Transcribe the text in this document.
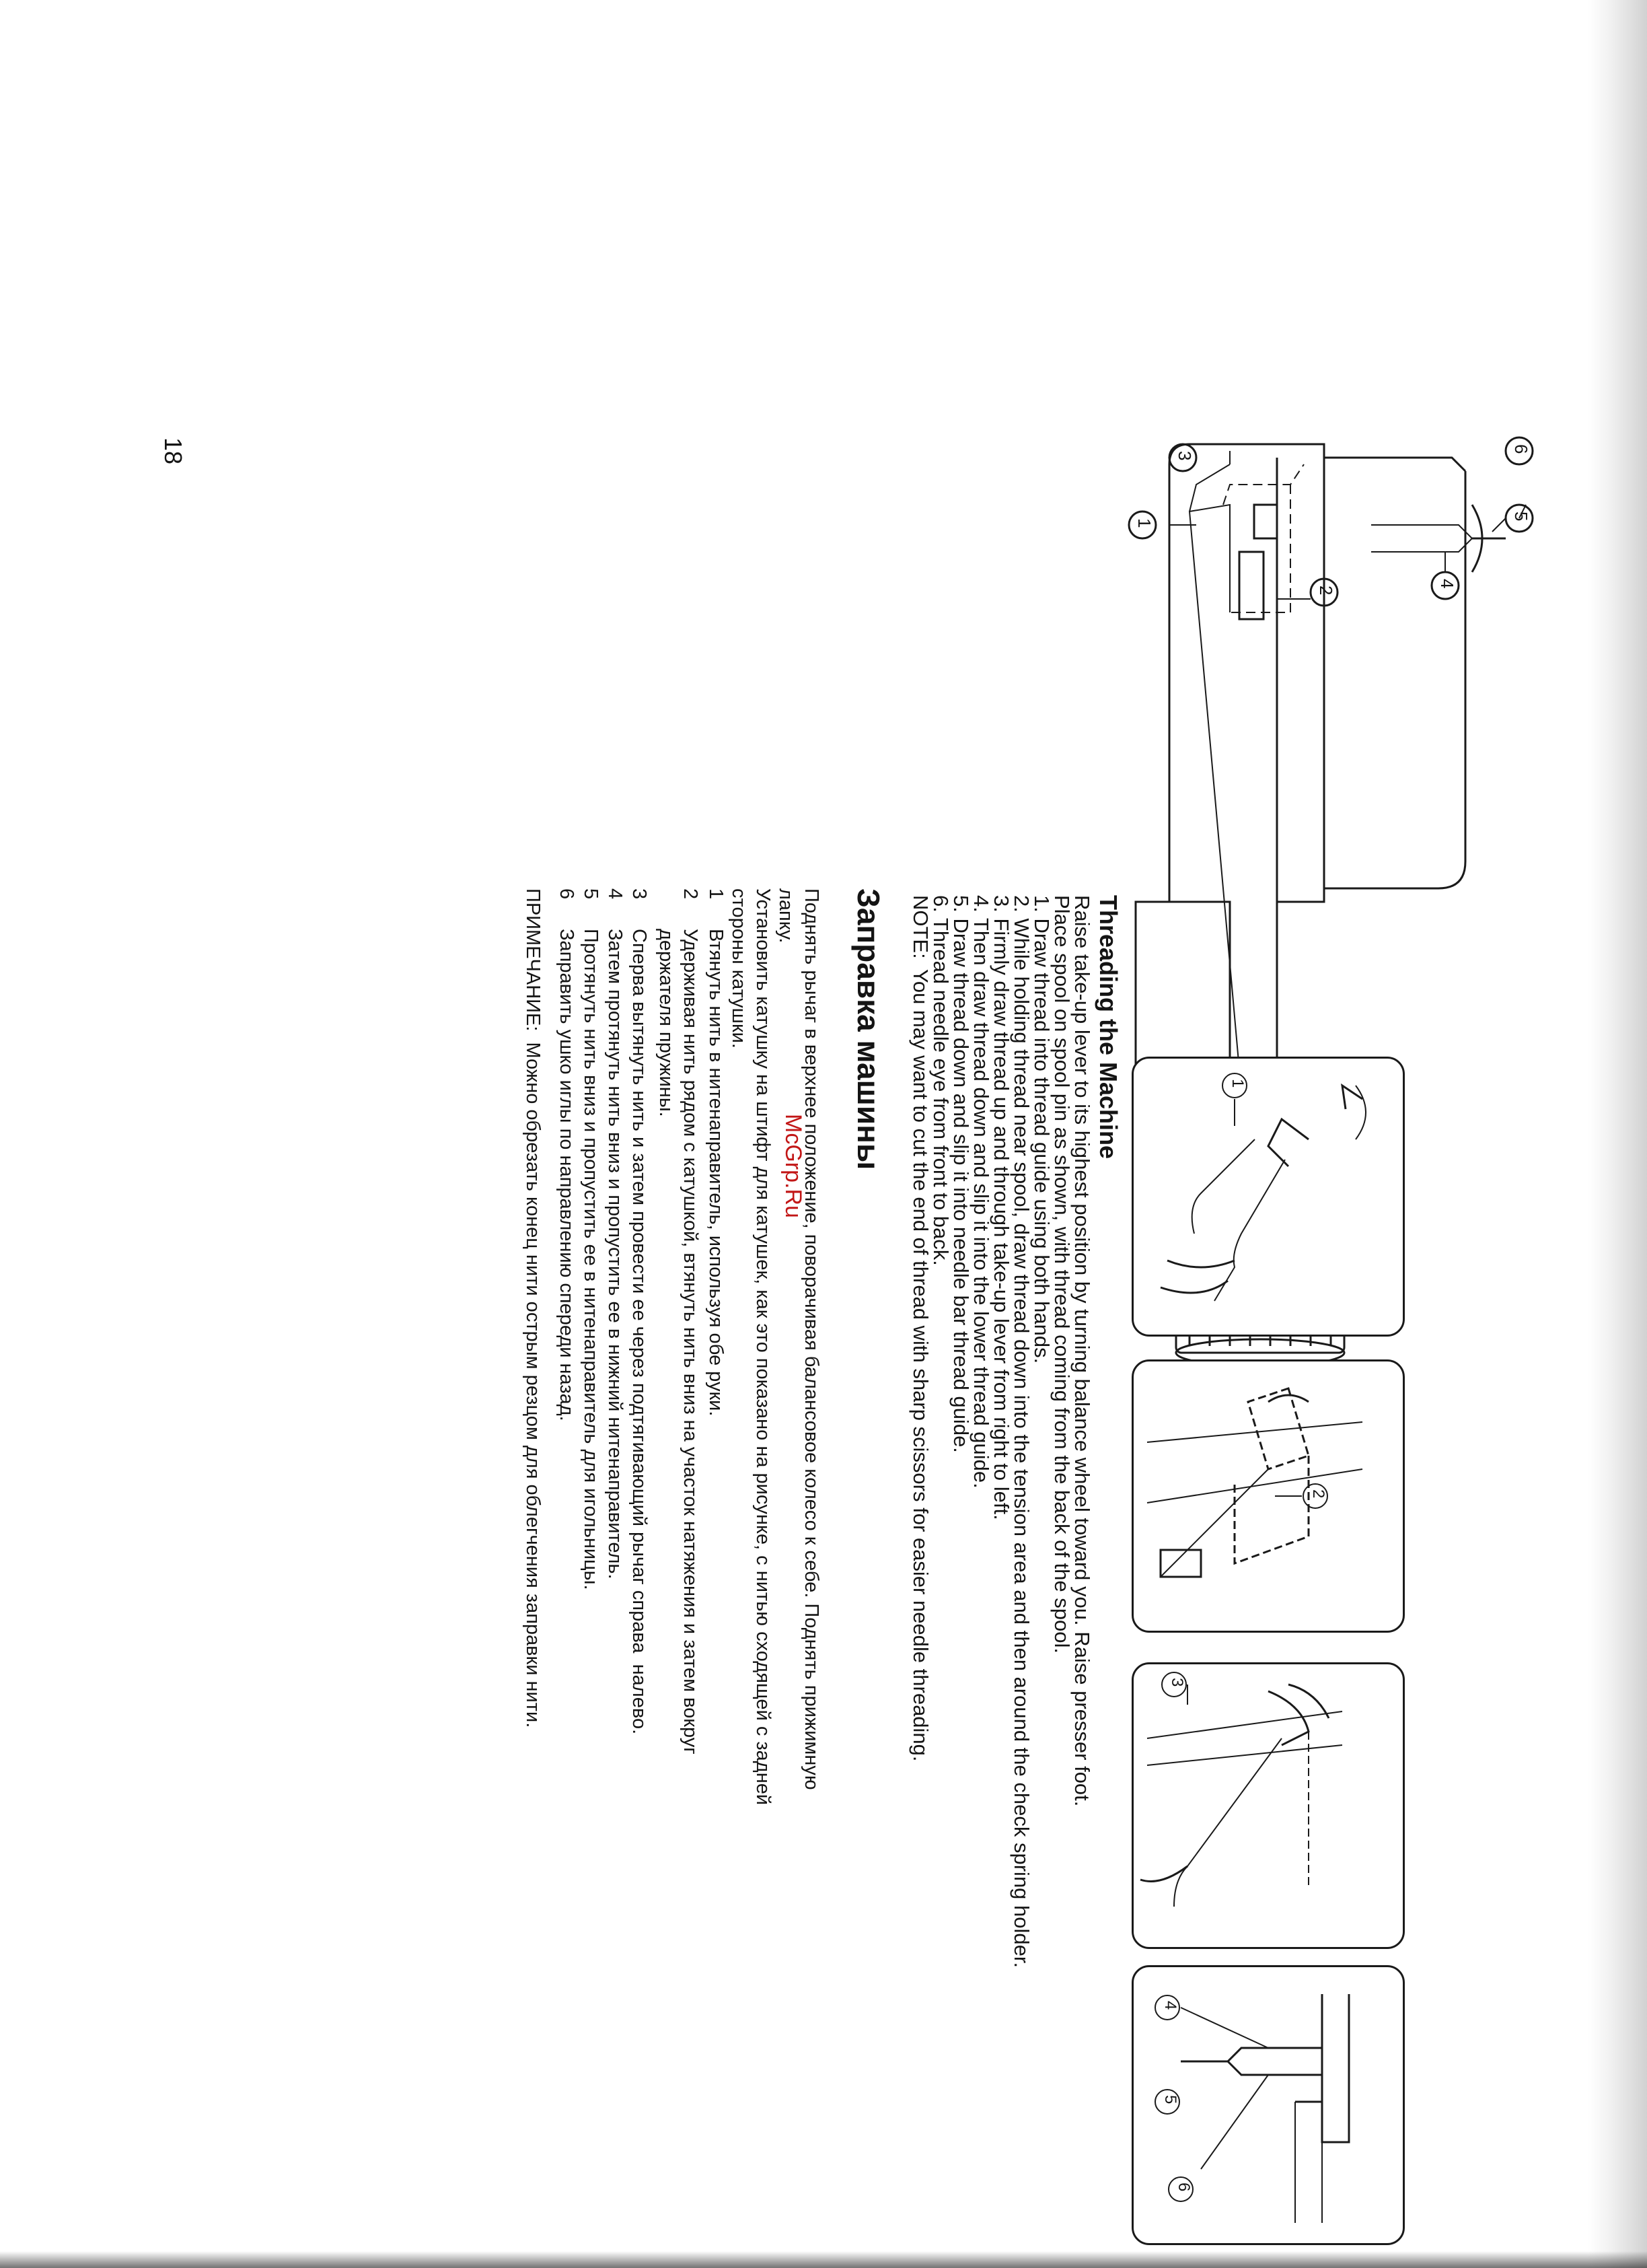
1
2
3
4
5
6
1
2
3
4
5
6
Threading the Machine
Raise take-up lever to its highest position by turning balance wheel toward you. Raise presser foot.
Place spool on spool pin as shown, with thread coming from the back of the spool.
1. Draw thread into thread guide using both hands.
2. While holding thread near spool, draw thread down into the tension area and then around the check spring holder.
3. Firmly draw thread up and through take-up lever from right to left.
4. Then draw thread down and slip it into the lower thread guide.
5. Draw thread down and slip it into needle bar thread guide.
6. Thread needle eye from front to back.
NOTE:
You may want to cut the end of thread with sharp scissors for easier needle threading.
Заправка машины
Поднять рычаг в верхнее положение, поворачивая балансовое колесо к себе. Поднять прижимную
лапку.
Установить катушку на штифт для катушек, как это показано на рисунке, с нитью сходящей с задней
стороны катушки.
1
Втянуть нить в нитенаправитель, используя обе руки.
2
Удерживая нить рядом с катушкой, втянуть нить вниз на участок натяжения и затем вокруг
держателя пружины.
3
Сперва вытянуть нить и затем провести ее через подтягивающий рычаг справа  налево.
4
Затем протянуть нить вниз и пропустить ее в нижний нитенаправитель.
5
Протянуть нить вниз и пропустить ее в нитенаправитель для игольницы.
6
Заправить ушко иглы по направлению спереди назад.
ПРИМЕЧАНИЕ:  Можно обрезать конец нити острым резцом для облегчения заправки нити.	McGrp.Ru
18
